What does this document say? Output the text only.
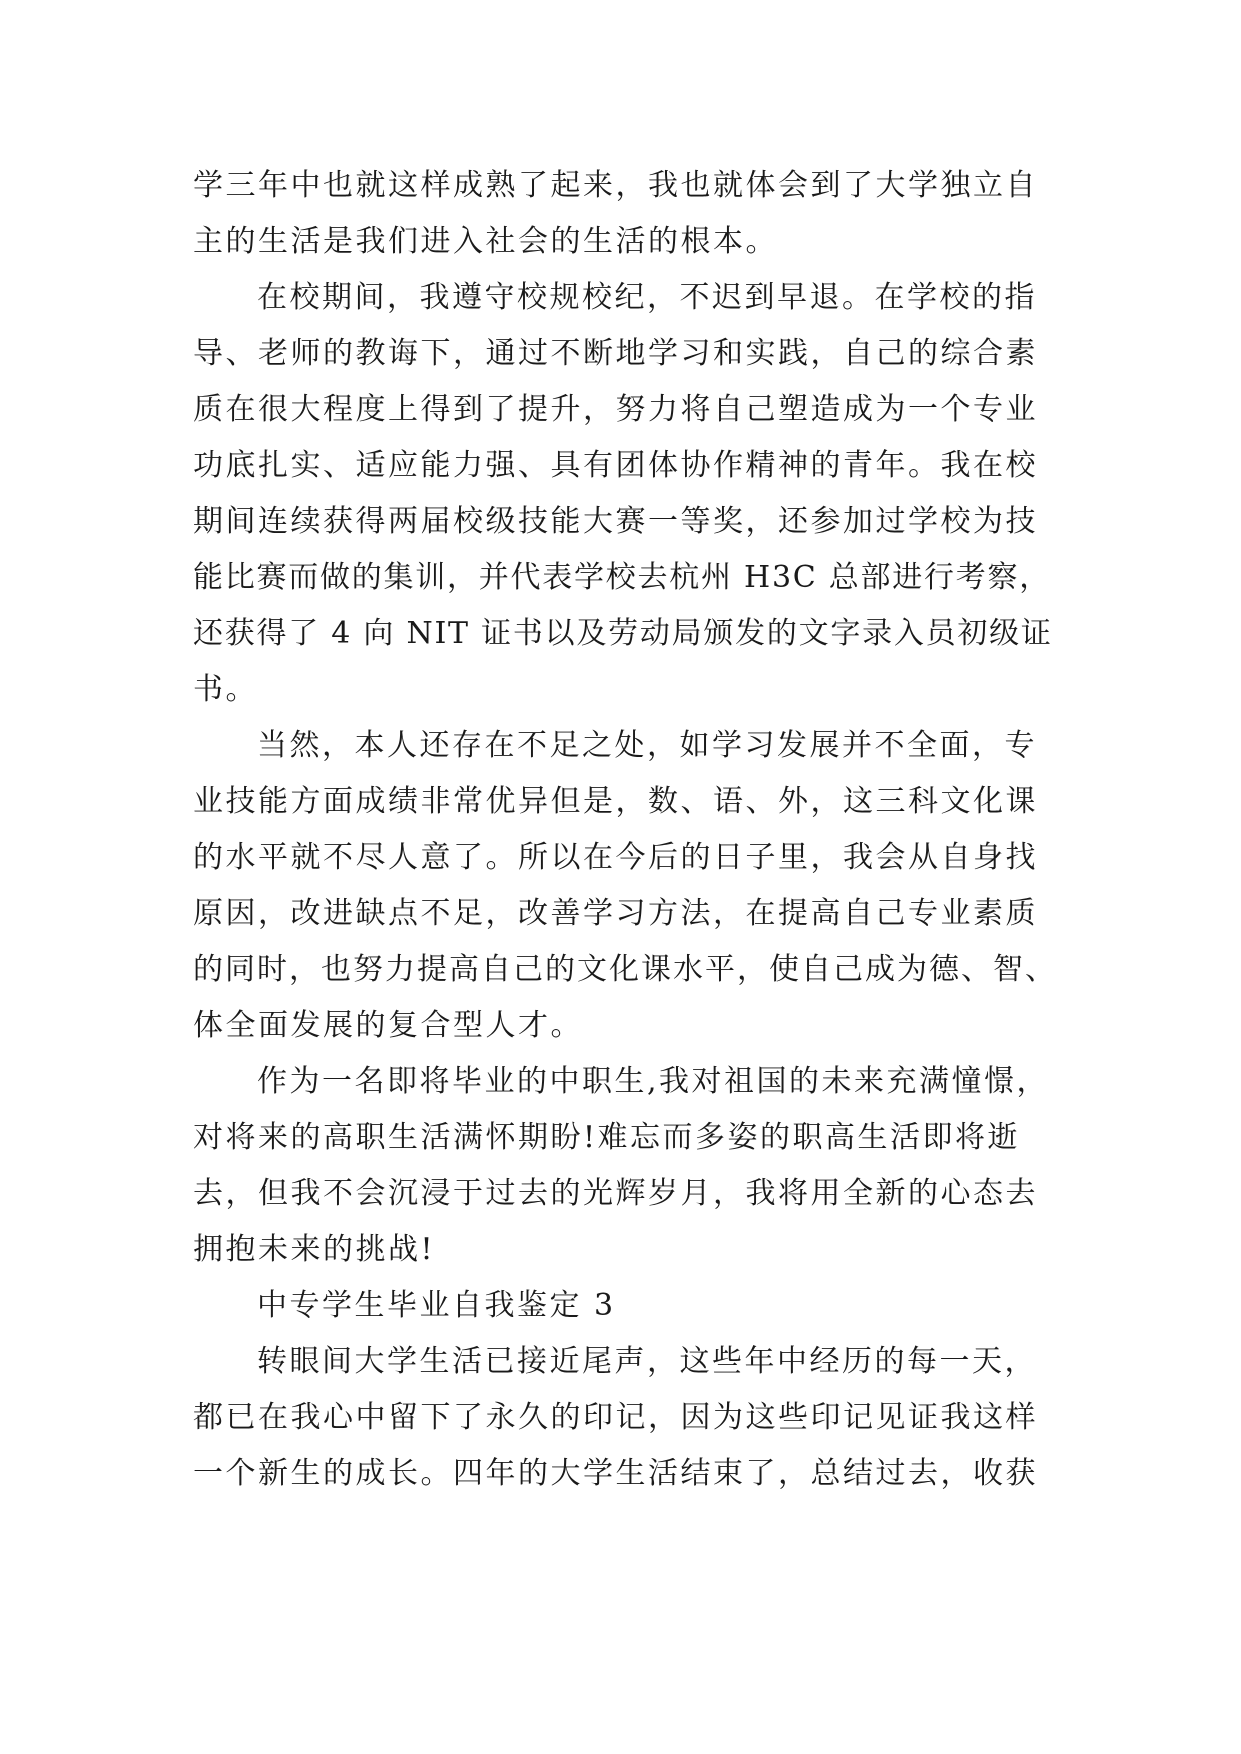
学三年中也就这样成熟了起来，我也就体会到了大学独立自
主的生活是我们进入社会的生活的根本。
在校期间，我遵守校规校纪，不迟到早退。在学校的指
导、老师的教诲下，通过不断地学习和实践，自己的综合素
质在很大程度上得到了提升，努力将自己塑造成为一个专业
功底扎实、适应能力强、具有团体协作精神的青年。我在校
期间连续获得两届校级技能大赛一等奖，还参加过学校为技
能比赛而做的集训，并代表学校去杭州 H3C 总部进行考察，
还获得了 4 向 NIT 证书以及劳动局颁发的文字录入员初级证
书。
当然，本人还存在不足之处，如学习发展并不全面，专
业技能方面成绩非常优异但是，数、语、外，这三科文化课
的水平就不尽人意了。所以在今后的日子里，我会从自身找
原因，改进缺点不足，改善学习方法，在提高自己专业素质
的同时，也努力提高自己的文化课水平，使自己成为德、智、
体全面发展的复合型人才。
作为一名即将毕业的中职生,我对祖国的未来充满憧憬，
对将来的高职生活满怀期盼!难忘而多姿的职高生活即将逝
去，但我不会沉浸于过去的光辉岁月，我将用全新的心态去
拥抱未来的挑战!
中专学生毕业自我鉴定 3
转眼间大学生活已接近尾声，这些年中经历的每一天，
都已在我心中留下了永久的印记，因为这些印记见证我这样
一个新生的成长。四年的大学生活结束了，总结过去，收获
